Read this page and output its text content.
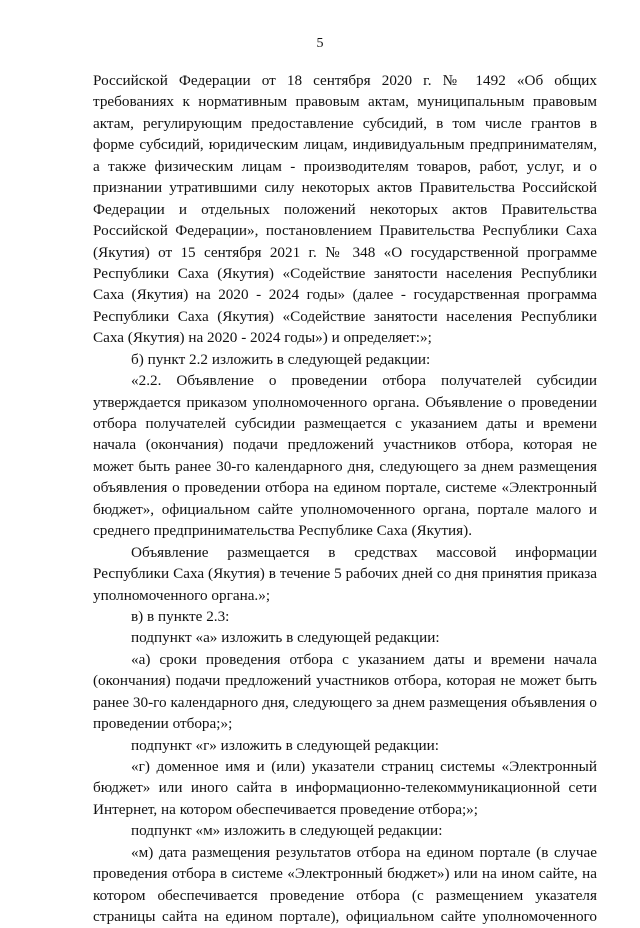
5
Российской Федерации от 18 сентября 2020 г. № 1492 «Об общих
требованиях к нормативным правовым актам, муниципальным правовым
актам, регулирующим предоставление субсидий, в том числе грантов в
форме субсидий, юридическим лицам, индивидуальным предпринимателям,
а также физическим лицам - производителям товаров, работ, услуг, и о
признании утратившими силу некоторых актов Правительства Российской
Федерации и отдельных положений некоторых актов Правительства
Российской Федерации», постановлением Правительства Республики Саха
(Якутия) от 15 сентября 2021 г. № 348 «О государственной программе
Республики Саха (Якутия) «Содействие занятости населения Республики
Саха (Якутия) на 2020 - 2024 годы» (далее - государственная программа
Республики Саха (Якутия) «Содействие занятости населения Республики
Саха (Якутия) на 2020 - 2024 годы») и определяет:»;
б) пункт 2.2 изложить в следующей редакции:
«2.2. Объявление о проведении отбора получателей субсидии
утверждается приказом уполномоченного органа. Объявление о проведении
отбора получателей субсидии размещается с указанием даты и времени
начала (окончания) подачи предложений участников отбора, которая не
может быть ранее 30-го календарного дня, следующего за днем размещения
объявления о проведении отбора на едином портале, системе «Электронный
бюджет», официальном сайте уполномоченного органа, портале малого и
среднего предпринимательства Республике Саха (Якутия).
Объявление размещается в средствах массовой информации
Республики Саха (Якутия) в течение 5 рабочих дней со дня принятия приказа
уполномоченного органа.»;
в) в пункте 2.3:
подпункт «а» изложить в следующей редакции:
«а) сроки проведения отбора с указанием даты и времени начала
(окончания) подачи предложений участников отбора, которая не может быть
ранее 30-го календарного дня, следующего за днем размещения объявления о
проведении отбора;»;
подпункт «г» изложить в следующей редакции:
«г) доменное имя и (или) указатели страниц системы «Электронный
бюджет» или иного сайта в информационно-телекоммуникационной сети
Интернет, на котором обеспечивается проведение отбора;»;
подпункт «м» изложить в следующей редакции:
«м) дата размещения результатов отбора на едином портале (в случае
проведения отбора в системе «Электронный бюджет») или на ином сайте, на
котором обеспечивается проведение отбора (с размещением указателя
страницы сайта на едином портале), официальном сайте уполномоченного
